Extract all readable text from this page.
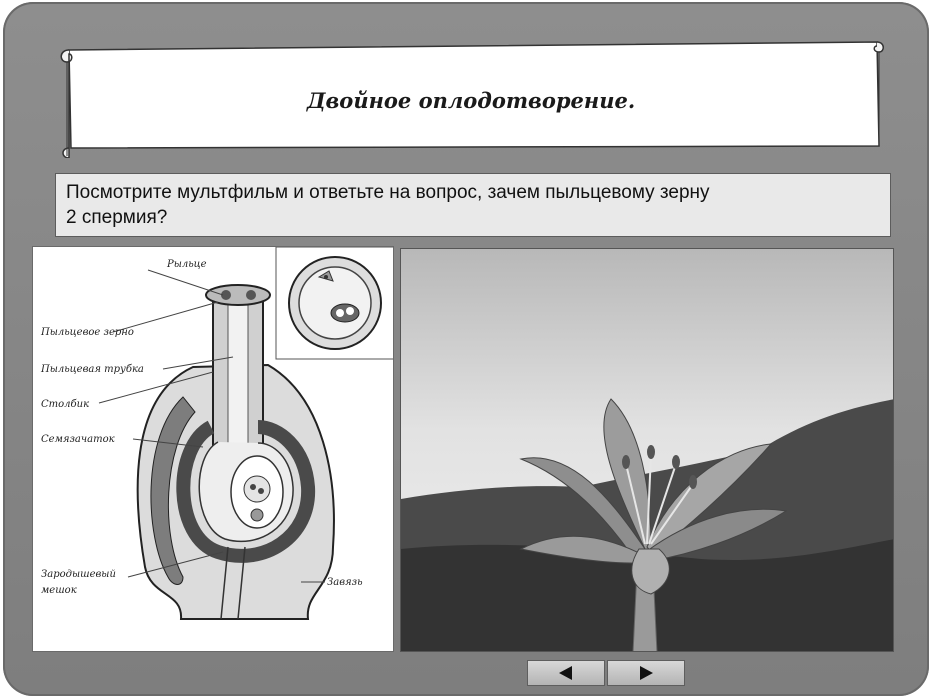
Двойное оплодотворение.
Посмотрите мультфильм и ответьте на вопрос, зачем пыльцевому зерну
2 спермия?
Рыльце
Пыльцевое зерно
Пыльцевая трубка
Столбик
Семязачаток
Зародышевый
мешок
Завязь
